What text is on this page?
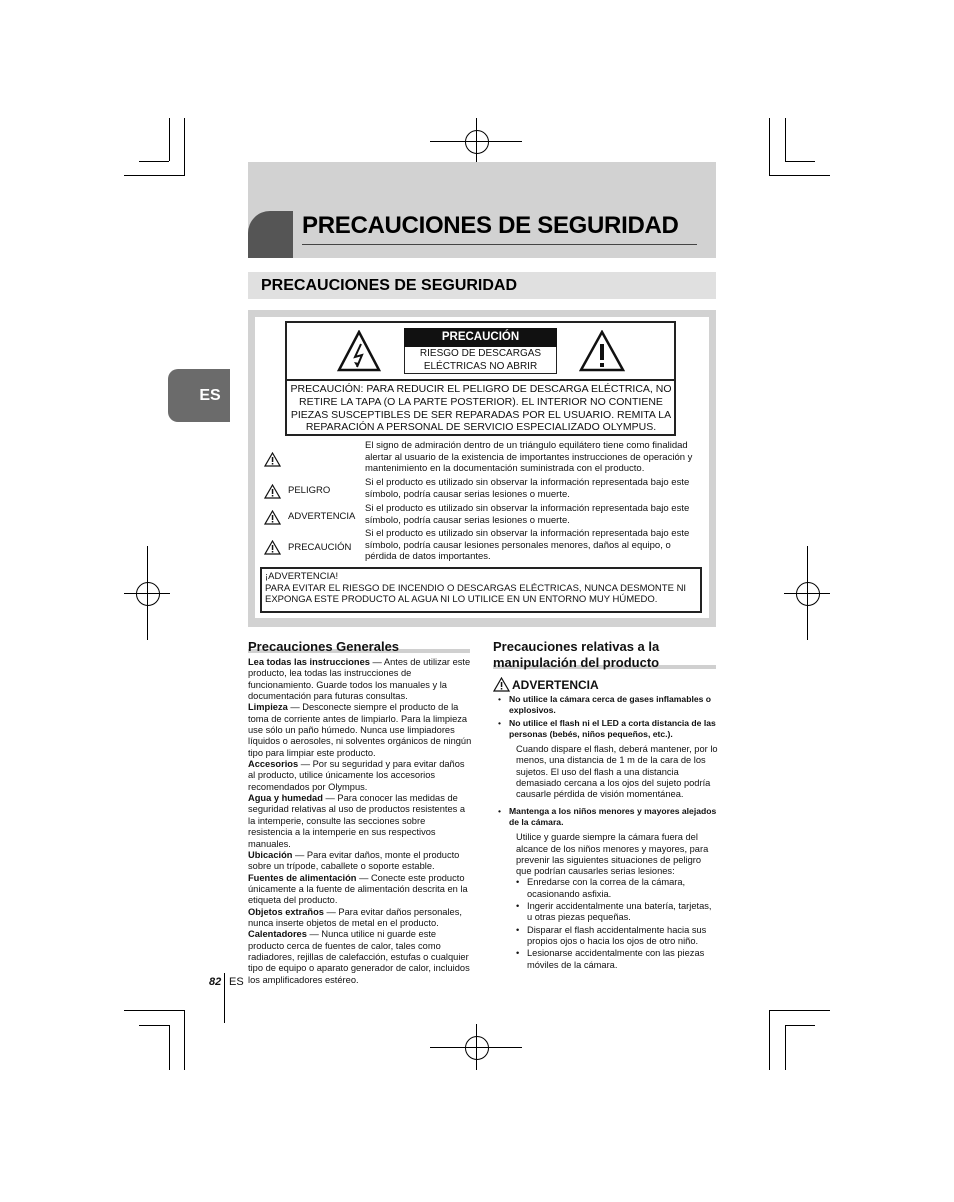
PRECAUCIONES DE SEGURIDAD
PRECAUCIONES DE SEGURIDAD
ES
PRECAUCIÓN
RIESGO DE DESCARGAS
ELÉCTRICAS NO ABRIR
PRECAUCIÓN: PARA REDUCIR EL PELIGRO DE DESCARGA ELÉCTRICA, NO RETIRE LA TAPA (O LA PARTE POSTERIOR). EL INTERIOR NO CONTIENE PIEZAS SUSCEPTIBLES DE SER REPARADAS POR EL USUARIO. REMITA LA REPARACIÓN A PERSONAL DE SERVICIO ESPECIALIZADO OLYMPUS.
El signo de admiración dentro de un triángulo equilátero tiene como finalidad alertar al usuario de la existencia de importantes instrucciones de operación y mantenimiento en la documentación suministrada con el producto.
PELIGRO
Si el producto es utilizado sin observar la información representada bajo este símbolo, podría causar serias lesiones o muerte.
ADVERTENCIA
Si el producto es utilizado sin observar la información representada bajo este símbolo, podría causar serias lesiones o muerte.
PRECAUCIÓN
Si el producto es utilizado sin observar la información representada bajo este símbolo, podría causar lesiones personales menores, daños al equipo, o pérdida de datos importantes.
¡ADVERTENCIA!
PARA EVITAR EL RIESGO DE INCENDIO O DESCARGAS ELÉCTRICAS, NUNCA DESMONTE NI EXPONGA ESTE PRODUCTO AL AGUA NI LO UTILICE EN UN ENTORNO MUY HÚMEDO.
Precauciones Generales

Lea todas las instrucciones — Antes de utilizar este producto, lea todas las instrucciones de funcionamiento. Guarde todos los manuales y la documentación para futuras consultas.

Limpieza — Desconecte siempre el producto de la toma de corriente antes de limpiarlo. Para la limpieza use sólo un paño húmedo. Nunca use limpiadores líquidos o aerosoles, ni solventes orgánicos de ningún tipo para limpiar este producto.

Accesorios — Por su seguridad y para evitar daños al producto, utilice únicamente los accesorios recomendados por Olympus.

Agua y humedad — Para conocer las medidas de seguridad relativas al uso de productos resistentes a la intemperie, consulte las secciones sobre resistencia a la intemperie en sus respectivos manuales.

Ubicación — Para evitar daños, monte el producto sobre un trípode, caballete o soporte estable.

Fuentes de alimentación — Conecte este producto únicamente a la fuente de alimentación descrita en la etiqueta del producto.

Objetos extraños — Para evitar daños personales, nunca inserte objetos de metal en el producto.

Calentadores — Nunca utilice ni guarde este producto cerca de fuentes de calor, tales como radiadores, rejillas de calefacción, estufas o cualquier tipo de equipo o aparato generador de calor, incluidos los amplificadores estéreo.

Precauciones relativas a la
manipulación del producto
ADVERTENCIA
• No utilice la cámara cerca de gases inflamables o explosivos.
• No utilice el flash ni el LED a corta distancia de las personas (bebés, niños pequeños, etc.).
Cuando dispare el flash, deberá mantener, por lo menos, una distancia de 1 m de la cara de los sujetos. El uso del flash a una distancia demasiado cercana a los ojos del sujeto podría causarle pérdida de visión momentánea.
• Mantenga a los niños menores y mayores alejados de la cámara.
Utilice y guarde siempre la cámara fuera del alcance de los niños menores y mayores, para prevenir las siguientes situaciones de peligro que podrían causarles serias lesiones:
• Enredarse con la correa de la cámara, ocasionando asfixia.
• Ingerir accidentalmente una batería, tarjetas, u otras piezas pequeñas.
• Disparar el flash accidentalmente hacia sus propios ojos o hacia los ojos de otro niño.
• Lesionarse accidentalmente con las piezas móviles de la cámara.
82 ES
